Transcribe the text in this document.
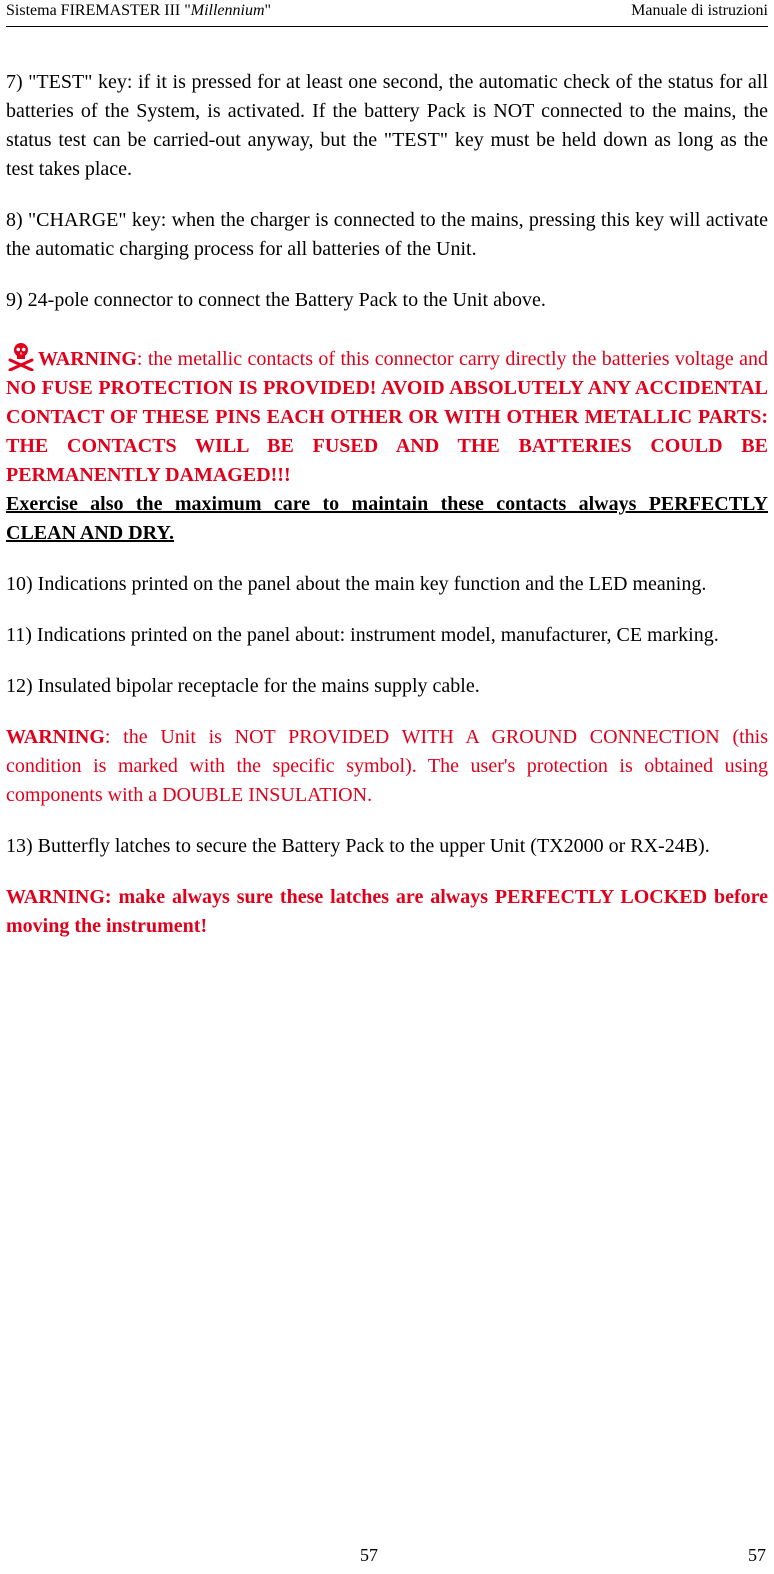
Sistema FIREMASTER III "Millennium"	Manuale di istruzioni

7) "TEST" key: if it is pressed for at least one second, the automatic check of the status for all batteries of the System, is activated. If the battery Pack is NOT connected to the mains, the status test can be carried-out anyway, but the "TEST" key must be held down as long as the test takes place.

8) "CHARGE" key: when the charger is connected to the mains, pressing this key will activate the automatic charging process for all batteries of the Unit.

9) 24-pole connector to connect the Battery Pack to the Unit above.

WARNING: the metallic contacts of this connector carry directly the batteries voltage and NO FUSE PROTECTION IS PROVIDED! AVOID ABSOLUTELY ANY ACCIDENTAL CONTACT OF THESE PINS EACH OTHER OR WITH OTHER METALLIC PARTS: THE CONTACTS WILL BE FUSED AND THE BATTERIES COULD BE PERMANENTLY DAMAGED!!!
Exercise also the maximum care to maintain these contacts always PERFECTLY CLEAN AND DRY.

10) Indications printed on the panel about the main key function and the LED meaning.

11) Indications printed on the panel about: instrument model, manufacturer, CE marking.

12) Insulated bipolar receptacle for the mains supply cable.

WARNING: the Unit is NOT PROVIDED WITH A GROUND CONNECTION (this condition is marked with the specific symbol). The user's protection is obtained using components with a DOUBLE INSULATION.

13) Butterfly latches to secure the Battery Pack to the upper Unit (TX2000 or RX-24B).

WARNING: make always sure these latches are always PERFECTLY LOCKED before moving the instrument!

57	57
